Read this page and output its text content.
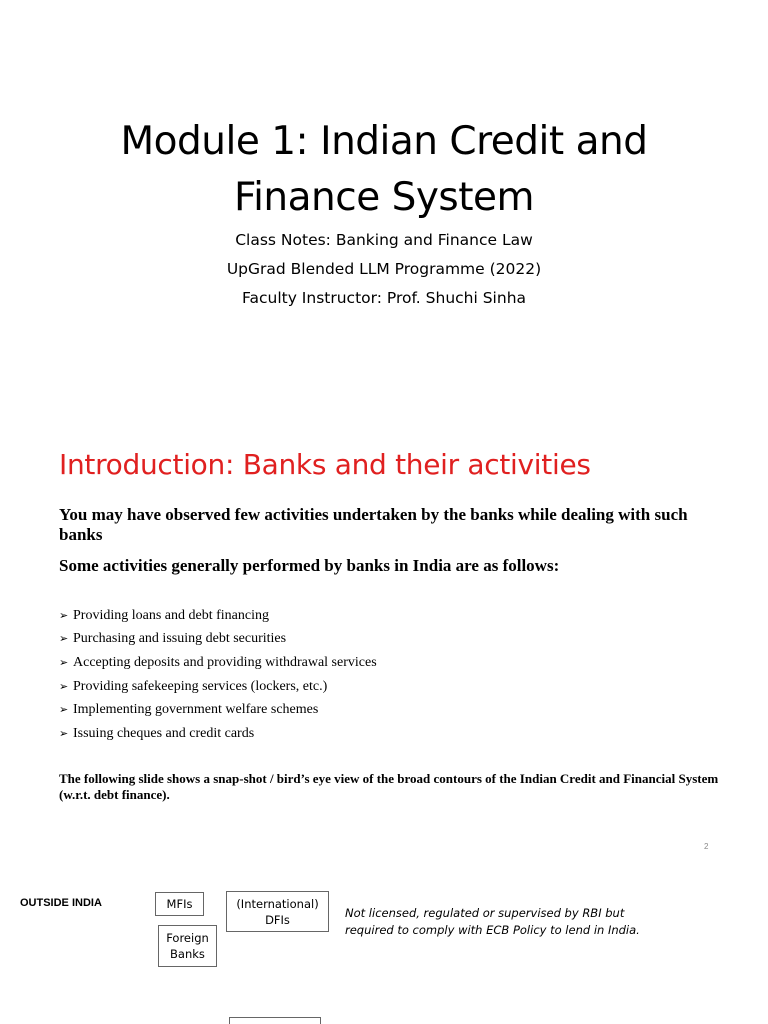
Module 1: Indian Credit and
Finance System
Class Notes: Banking and Finance Law
UpGrad Blended LLM Programme (2022)
Faculty Instructor: Prof. Shuchi Sinha
Introduction: Banks and their activities
You may have observed few activities undertaken by the banks while dealing with such banks
Some activities generally performed by banks in India are as follows:
➢ Providing loans and debt financing
➢ Purchasing and issuing debt securities
➢ Accepting deposits and providing withdrawal services
➢ Providing safekeeping services (lockers, etc.)
➢ Implementing government welfare schemes
➢ Issuing cheques and credit cards
The following slide shows a snap-shot / bird’s eye view of the broad contours of the Indian Credit and Financial System (w.r.t. debt finance).
2
OUTSIDE INDIA	MFIs	(International)
DFIs
Foreign
Banks
Not licensed, regulated or supervised by RBI but
required to comply with ECB Policy to lend in India.
